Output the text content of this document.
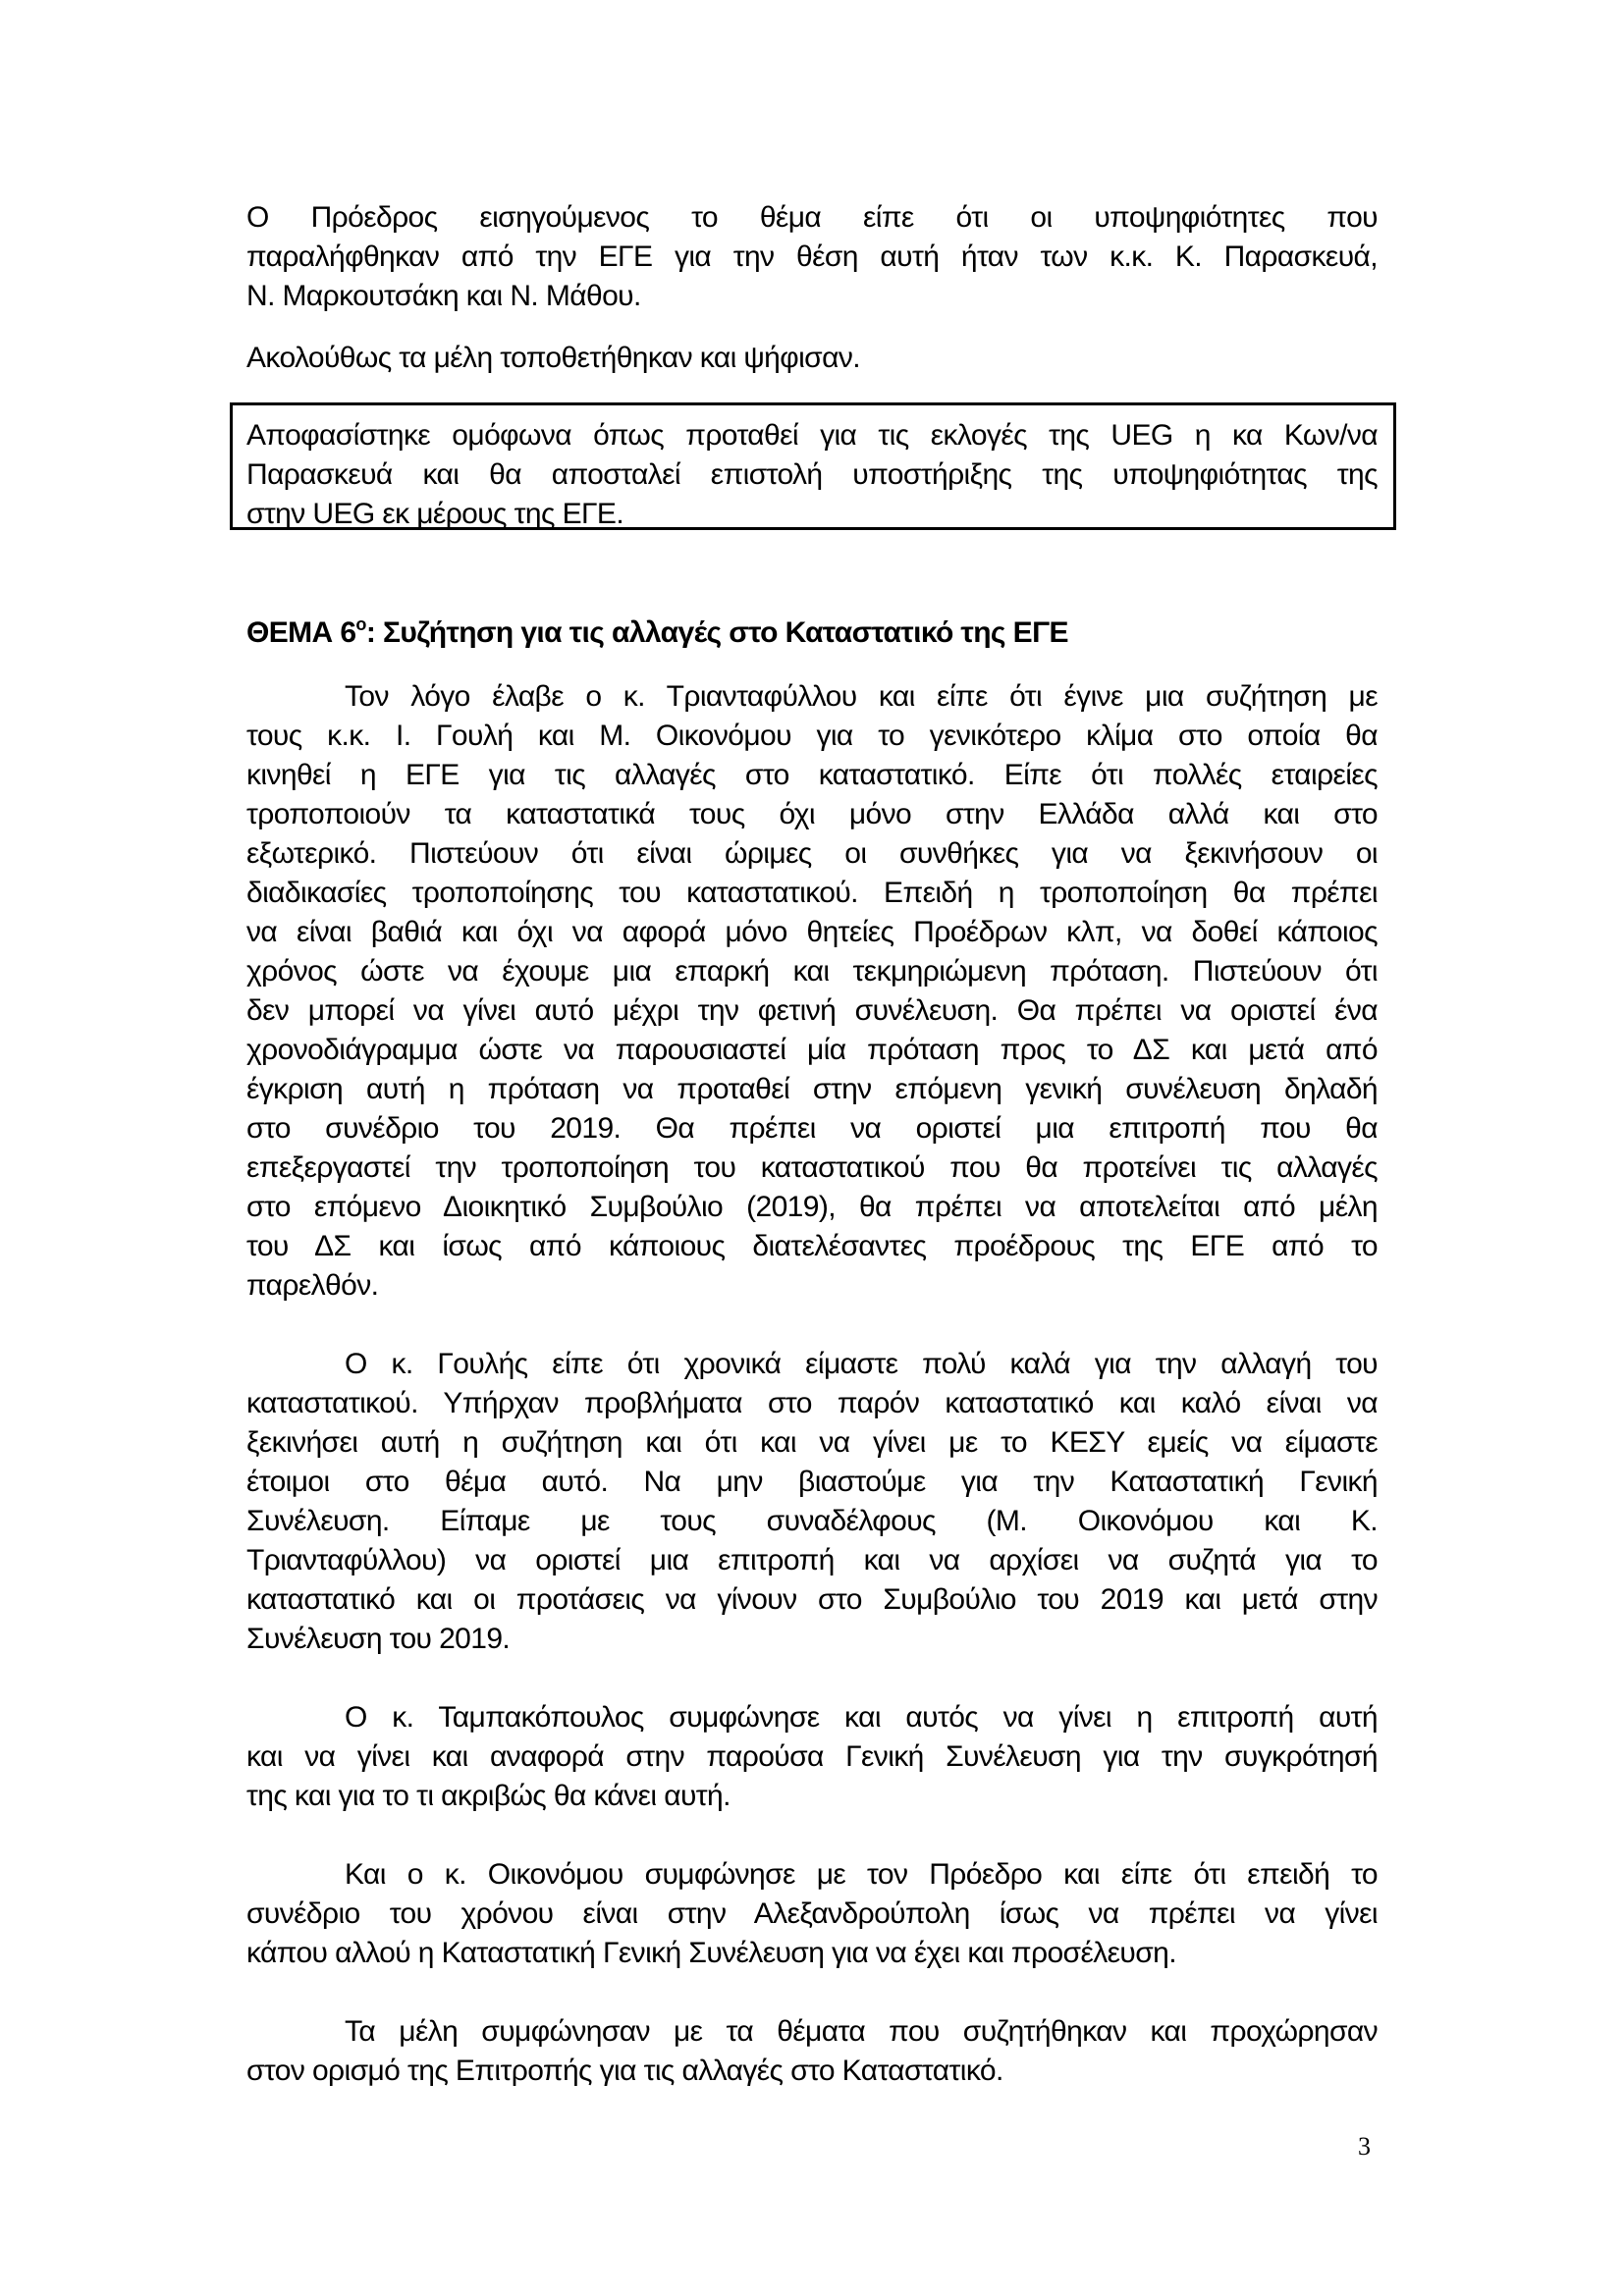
Ο Πρόεδρος εισηγούμενος το θέμα είπε ότι οι υποψηφιότητες που
παραλήφθηκαν από την ΕΓΕ για την θέση αυτή ήταν των κ.κ. Κ. Παρασκευά,
Ν. Μαρκουτσάκη και Ν. Μάθου.
Ακολούθως τα μέλη τοποθετήθηκαν και ψήφισαν.
Αποφασίστηκε ομόφωνα όπως προταθεί για τις εκλογές της UEG η κα Κων/να
Παρασκευά και θα αποσταλεί επιστολή υποστήριξης της υποψηφιότητας της
στην UEG εκ μέρους της ΕΓΕ.
ΘΕΜΑ $6^o$: Συζήτηση για τις αλλαγές στο Καταστατικό της ΕΓΕ
Τον λόγο έλαβε ο κ. Τριανταφύλλου και είπε ότι έγινε μια συζήτηση με
τους κ.κ. Ι. Γουλή και Μ. Οικονόμου για το γενικότερο κλίμα στο οποία θα
κινηθεί η ΕΓΕ για τις αλλαγές στο καταστατικό. Είπε ότι πολλές εταιρείες
τροποποιούν τα καταστατικά τους όχι μόνο στην Ελλάδα αλλά και στο
εξωτερικό. Πιστεύουν ότι είναι ώριμες οι συνθήκες για να ξεκινήσουν οι
διαδικασίες τροποποίησης του καταστατικού. Επειδή η τροποποίηση θα πρέπει
να είναι βαθιά και όχι να αφορά μόνο θητείες Προέδρων κλπ, να δοθεί κάποιος
χρόνος ώστε να έχουμε μια επαρκή και τεκμηριώμενη πρόταση. Πιστεύουν ότι
δεν μπορεί να γίνει αυτό μέχρι την φετινή συνέλευση. Θα πρέπει να οριστεί ένα
χρονοδιάγραμμα ώστε να παρουσιαστεί μία πρόταση προς το ΔΣ και μετά από
έγκριση αυτή η πρόταση να προταθεί στην επόμενη γενική συνέλευση δηλαδή
στο συνέδριο του 2019. Θα πρέπει να οριστεί μια επιτροπή που θα
επεξεργαστεί την τροποποίηση του καταστατικού που θα προτείνει τις αλλαγές
στο επόμενο Διοικητικό Συμβούλιο (2019), θα πρέπει να αποτελείται από μέλη
του ΔΣ και ίσως από κάποιους διατελέσαντες προέδρους της ΕΓΕ από το
παρελθόν.
Ο κ. Γουλής είπε ότι χρονικά είμαστε πολύ καλά για την αλλαγή του
καταστατικού. Υπήρχαν προβλήματα στο παρόν καταστατικό και καλό είναι να
ξεκινήσει αυτή η συζήτηση και ότι και να γίνει με το ΚΕΣΥ εμείς να είμαστε
έτοιμοι στο θέμα αυτό. Να μην βιαστούμε για την Καταστατική Γενική
Συνέλευση. Είπαμε με τους συναδέλφους (Μ. Οικονόμου και Κ.
Τριανταφύλλου) να οριστεί μια επιτροπή και να αρχίσει να συζητά για το
καταστατικό και οι προτάσεις να γίνουν στο Συμβούλιο του 2019 και μετά στην
Συνέλευση του 2019.
Ο κ. Ταμπακόπουλος συμφώνησε και αυτός να γίνει η επιτροπή αυτή
και να γίνει και αναφορά στην παρούσα Γενική Συνέλευση για την συγκρότησή
της και για το τι ακριβώς θα κάνει αυτή.
Και ο κ. Οικονόμου συμφώνησε με τον Πρόεδρο και είπε ότι επειδή το
συνέδριο του χρόνου είναι στην Αλεξανδρούπολη ίσως να πρέπει να γίνει
κάπου αλλού η Καταστατική Γενική Συνέλευση για να έχει και προσέλευση.
Τα μέλη συμφώνησαν με τα θέματα που συζητήθηκαν και προχώρησαν
στον ορισμό της Επιτροπής για τις αλλαγές στο Καταστατικό.
3
